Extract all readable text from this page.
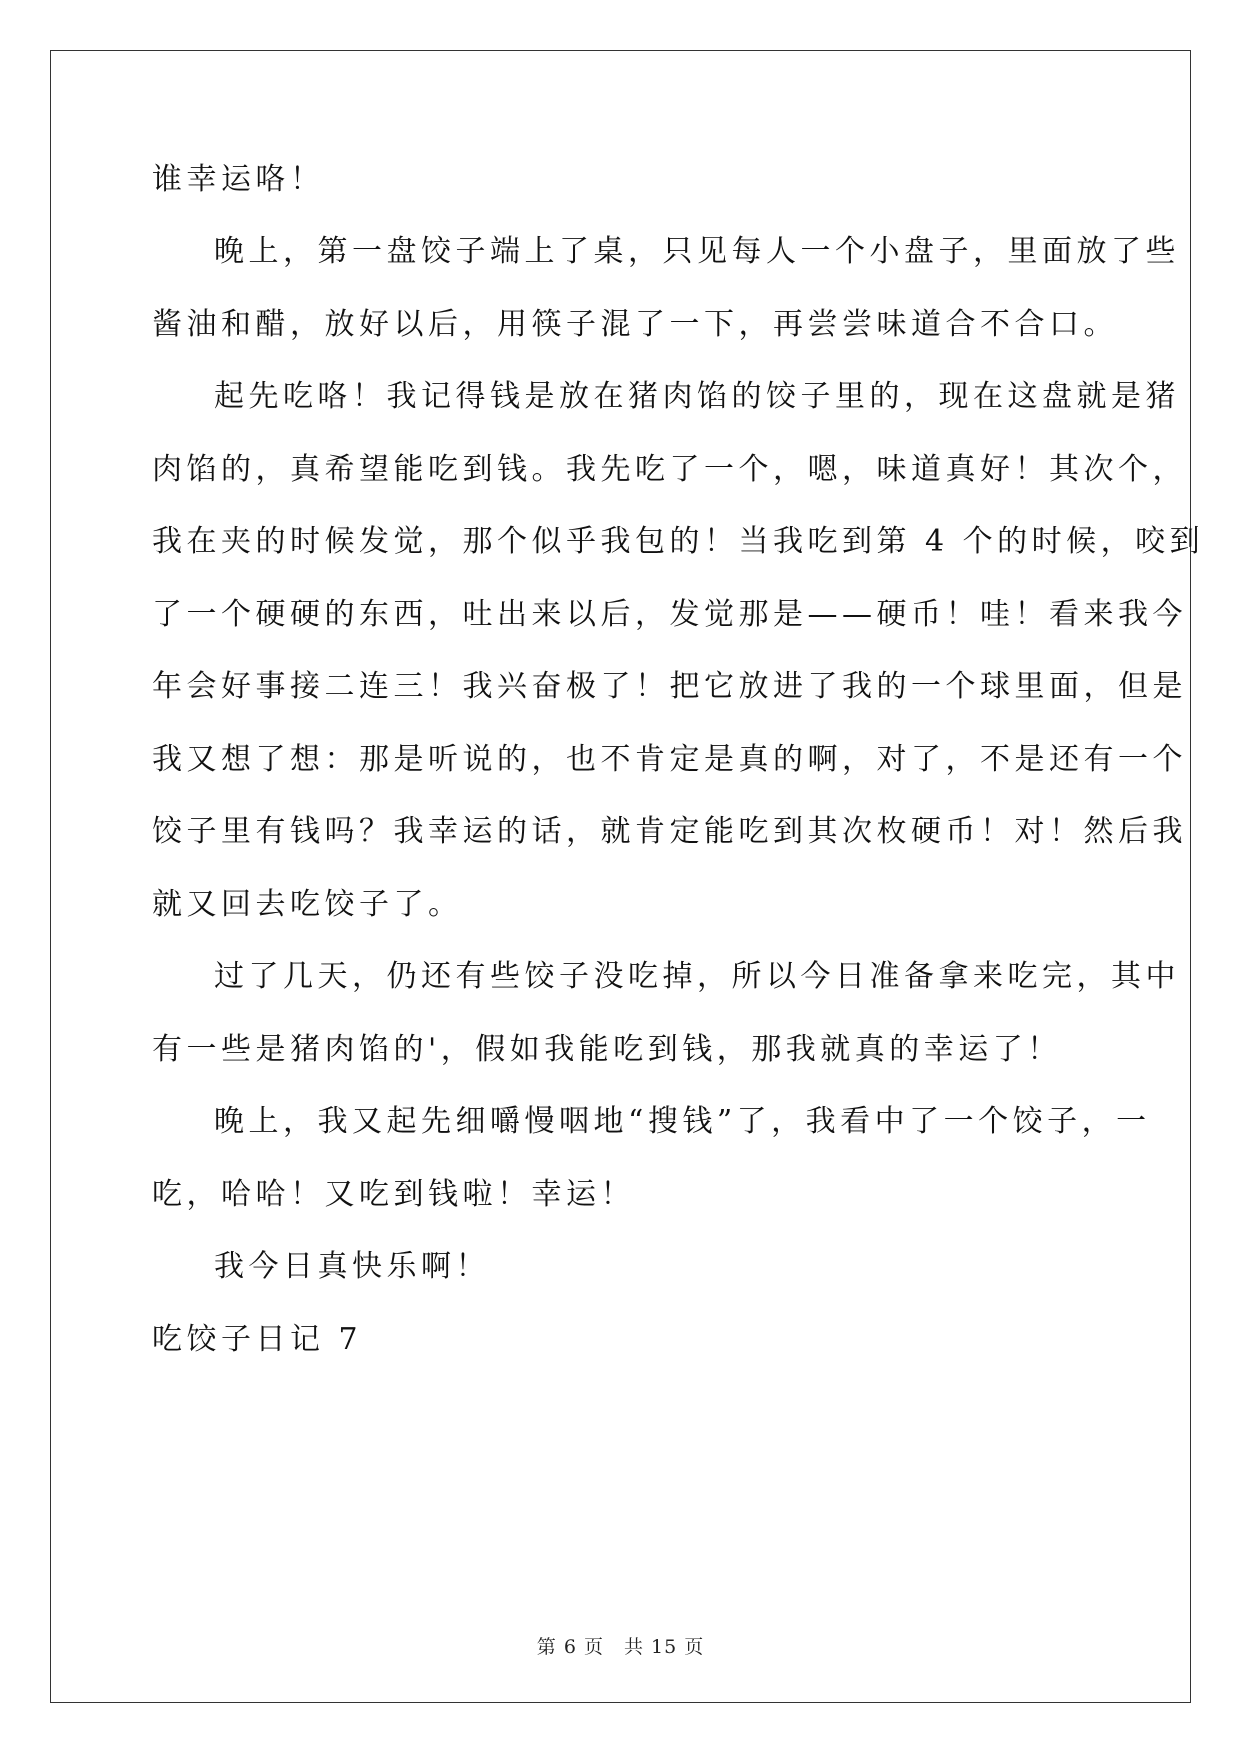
谁幸运咯！
晚上，第一盘饺子端上了桌，只见每人一个小盘子，里面放了些
酱油和醋，放好以后，用筷子混了一下，再尝尝味道合不合口。
起先吃咯！我记得钱是放在猪肉馅的饺子里的，现在这盘就是猪
肉馅的，真希望能吃到钱。我先吃了一个，嗯，味道真好！其次个，
我在夹的时候发觉，那个似乎我包的！当我吃到第 4 个的时候，咬到
了一个硬硬的东西，吐出来以后，发觉那是——硬币！哇！看来我今
年会好事接二连三！我兴奋极了！把它放进了我的一个球里面，但是
我又想了想：那是听说的，也不肯定是真的啊，对了，不是还有一个
饺子里有钱吗？我幸运的话，就肯定能吃到其次枚硬币！对！然后我
就又回去吃饺子了。
过了几天，仍还有些饺子没吃掉，所以今日准备拿来吃完，其中
有一些是猪肉馅的'，假如我能吃到钱，那我就真的幸运了！
晚上，我又起先细嚼慢咽地“搜钱”了，我看中了一个饺子，一
吃，哈哈！又吃到钱啦！幸运！
我今日真快乐啊！
吃饺子日记 7
第 6 页　共 15 页
